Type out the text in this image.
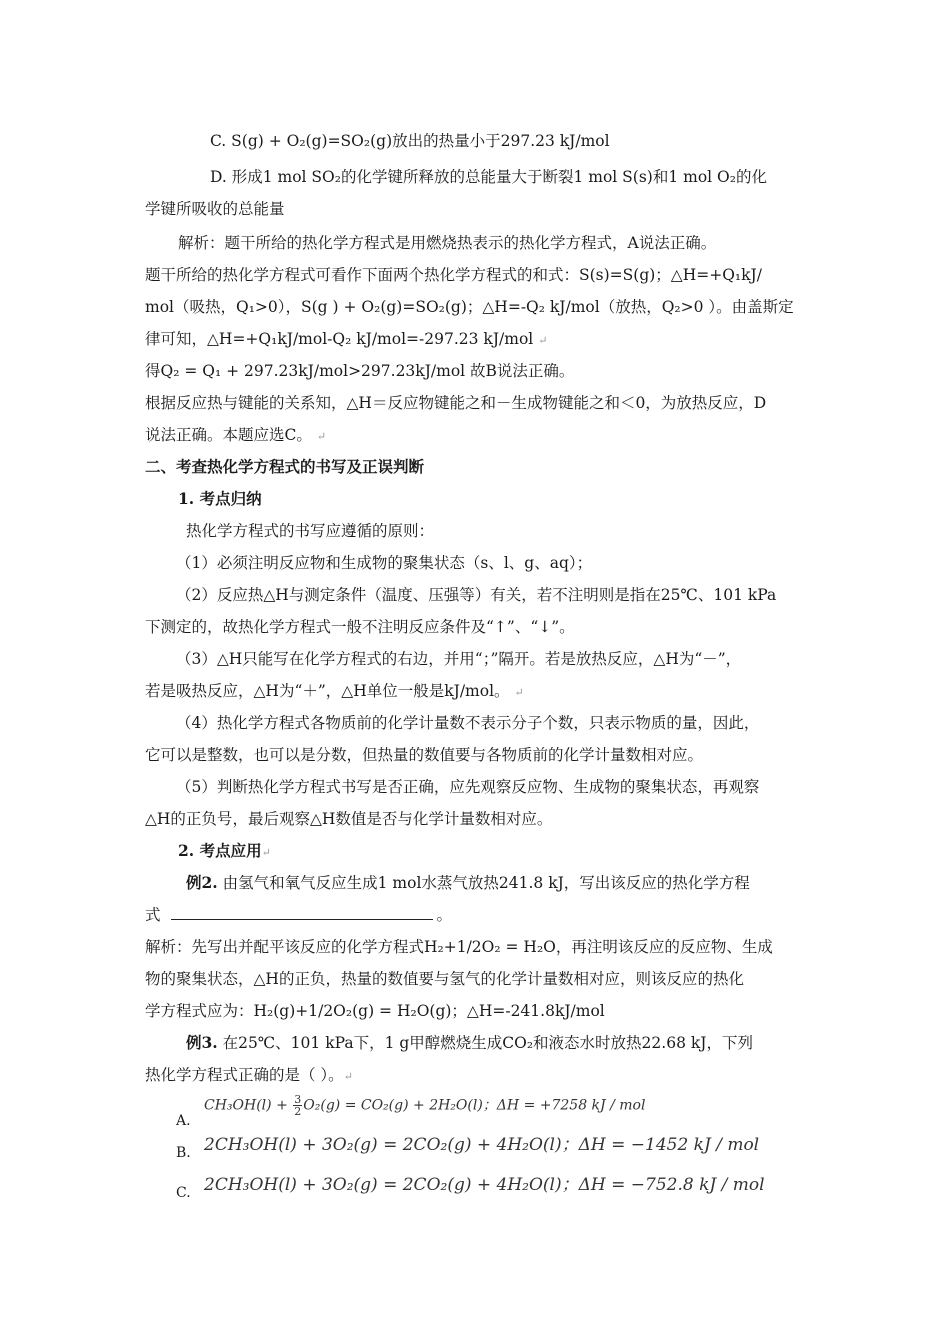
C. S(g) + O₂(g)=SO₂(g)放出的热量小于297.23 kJ/mol
D. 形成1 mol SO₂的化学键所释放的总能量大于断裂1 mol S(s)和1 mol O₂的化
学键所吸收的总能量
解析：题干所给的热化学方程式是用燃烧热表示的热化学方程式，A说法正确。
题干所给的热化学方程式可看作下面两个热化学方程式的和式：S(s)=S(g)；△H=+Q₁kJ/
mol（吸热，Q₁>0），S(g ) + O₂(g)=SO₂(g)；△H=-Q₂ kJ/mol（放热，Q₂>0 ）。由盖斯定
律可知，△H=+Q₁kJ/mol-Q₂ kJ/mol=-297.23 kJ/mol ↵
得Q₂ = Q₁ + 297.23kJ/mol>297.23kJ/mol 故B说法正确。
根据反应热与键能的关系知，△H＝反应物键能之和－生成物键能之和＜0，为放热反应，D
说法正确。本题应选C。 ↵
二、考查热化学方程式的书写及正误判断
1. 考点归纳
热化学方程式的书写应遵循的原则：
（1）必须注明反应物和生成物的聚集状态（s、l、g、aq）；
（2）反应热△H与测定条件（温度、压强等）有关，若不注明则是指在25℃、101 kPa
下测定的，故热化学方程式一般不注明反应条件及“↑”、“↓”。
（3）△H只能写在化学方程式的右边，并用“；”隔开。若是放热反应，△H为“－”，
若是吸热反应，△H为“＋”，△H单位一般是kJ/mol。 ↵
（4）热化学方程式各物质前的化学计量数不表示分子个数，只表示物质的量，因此，
它可以是整数，也可以是分数，但热量的数值要与各物质前的化学计量数相对应。
（5）判断热化学方程式书写是否正确，应先观察反应物、生成物的聚集状态，再观察
△H的正负号，最后观察△H数值是否与化学计量数相对应。
2. 考点应用↵
例2. 由氢气和氧气反应生成1 mol水蒸气放热241.8 kJ，写出该反应的热化学方程
式	。
解析：先写出并配平该反应的化学方程式H₂+1/2O₂ = H₂O，再注明该反应的反应物、生成
物的聚集状态，△H的正负，热量的数值要与氢气的化学计量数相对应，则该反应的热化
学方程式应为：H₂(g)+1/2O₂(g) = H₂O(g)；△H=-241.8kJ/mol
例3. 在25℃、101 kPa下，1 g甲醇燃烧生成CO₂和液态水时放热22.68 kJ，下列
热化学方程式正确的是（ ）。↵
A.
$CH_3OH(l) + \frac{3}{2} O_2(g) = CO_2(g) + 2H_2O(l)$；ΔH = +7258 kJ / mol
B. 2CH₃OH(l) + 3O₂(g) = 2CO₂(g) + 4H₂O(l)；ΔH = −1452 kJ / mol
C. 2CH₃OH(l) + 3O₂(g) = 2CO₂(g) + 4H₂O(l)；ΔH = −752.8 kJ / mol
